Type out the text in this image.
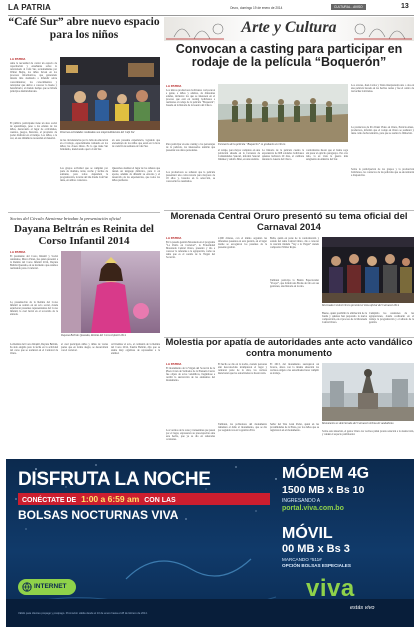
LA PATRIA	Oruro, domingo 19 de enero de 2014	CULTURAL - AVISO	13
“Café Sur” abre nuevo espacio para los niños
LA PATRIA
Ante la necesidad de contar un espacio de capacitación y enseñanza sobre lo relacionado al Café Sur, recientemente por Walter Mejía, los niños llevan en los procesos informativos, que generando interés más destinado a difundir sobre conocimientos; los conocimientos y relacionar que derive a conocer lo bueno y beneficiario; el mundo tiempo que se brinde principios multiculturales.
El público participante tiene un área social de aprendizaje, pese a las edades de los niños, destacando el lugar de actividades, cuentos, juegos, historias, el propósito de poder disfrutar en el tiempo. Los niños, a la vez, en sus dinámicas recuerdan el material.
Diversas actividades realizadas son emprendimientos del Café Sur
de las circunstancias por la falta de educación en el trabajo, especialmente tomando en los niños; las clases Oruro. Es lo que tiene Sur brindando, mencionado que la Café Sur.
Las grupos actividad que se cumplan por parte de mañana, tarde, noche y fechas de adelante, para todos dependerá la programación, la tarde del día dónde Café Sur tiene, en ambos contextos.
en este presente experiencia, logrando que encuentren de los niños que estan en la hora de cada fin de semana en Café Sur.
Queremos destinar el lugar de los talleres que tienen un lenguaje didáctico, para ir en aporte, además de difundir su entorno y el desarrollo de las experiencias, que todos los niños prefieran.
Arte y Cultura
Convocan a casting para participar en rodaje de la película “Boquerón”
LA PATRIA
Los únicos productores bolivianos convocaron a gente, a niños y adultos, de diferentes edades, inclusive los que se interesen en el proceso que está en casting bolivianos a realizarse el rodaje de la película “Boquerón”, basada en la historia de la Guerra del Chaco.
Para participar en este casting o los personajes de la película, los interesados tendrán que presentar sus datos personales.
Los productores se refieren que la película presentará una convocatoria para mayores de 18 años y, basados en la selección, se conocerán los resultados.
Escenario de la película “Boquerón” se grabarán en Oruro
el rodaje, para mayor completo en una población situada en la Carretera de Comunidades Saucari, informó Saucari Jiménez y Adolfo Mier, en una reunión.
La historia de la película cuenta la experiencia de 608 soldados bolivianos quienes lucharon 20 días, el combate durante la Guerra del Chaco.
conformados hacen que el frente soga sin pasar el ejército paraguayo. Por otro lado, la ex vista la guerra más sangrienta de América del Sur.
Los actores, Juan Carlos y Tania interpretarán uno o dos en una película basada en los hechos reales y fue el centro de las luchas bolivianas.
La productora de Pro Dann Video en Oruro, Patricia Alaaz, productora, informó que el rodaje en Oruro se realizará y tiene como fecha tentativa, para que se realice la filmación.
Sobre la participación de los grupos y la producción bolivianos, los contactos de las películas que se encontrarán a disposición.
Morenada Central Oruro presentó su tema oficial del Carnaval 2014
LA PATRIA
En la pasada gestión Morenada en el programa “La Patria en Carnaval”, la Fraternidad Morenada Central Oruro, presentó y dio a conocer lo referente a la agrupación, como su tema que es el sonido de la Virgen del Socavón.
2.000 dólares, con el ánimo organizó las diferentes pasantes en esta gestión, en el lugar donde se escogieron los pasantes de la presente gestión.
Bella, quién en parte de la conformación y sonido del tema Central Oruro, dio a conocer la canción titulada “Voy a la Virgen” siendo compositor Walter Rojas.
Tambien participa la Banda Espectacular “Poopó”, que brindó una Bodas de Oro en sus gestiones, una historia en la ruta.
Morenada Central Oruro presentó el tema oficial del Carnaval 2014
Bueno, quien posibilitó la afirmación de la banda y quiénes han preparado la nueva composición, en el proceso de la Morenada Central Oruro.
Cumplido las reuniones de las agrupaciones, donde realizarán en el trabajo la programación y el sábado de la gestión.
Socios del Círculo Ateniense brindan la presentación oficial
Dayana Beltrán es Reinita del Corso Infantil 2014
LA PATRIA
El presidente del Corso Infantil y Social Ateniense, Marco Pérez, fue quien presentó a la Reinita del Corso Infantil 2014, Dayana Beltrán Quezada, en su momento que estamos realizando para el carnaval.
La presentación de la Reinita del Corso Infantil se realizó en un acto social, donde estuvieron presentes representantes del Corso Infantil, la cual lucirá en el recorrido de la entrada.
La Reinita del Corso Infantil, Dayana Beltrán, ha sido elegida para la fecha en la actividad del corso que se realizará en el Carnaval de Oruro.
Dayana Beltrán Quezada, Reinita del Corso Infantil 2014
el cual participan niños y niñas de varias partes que en forma alegre, se desarrollará con el carnaval.
Al finalizar el acto, el comisión de la Reinita del Corso 2014, Sandra Beltrán, dijo que se siente muy orgullosa de representar a la entidad.
Molestia por apatía de autoridades ante acto vandálico contra monumento
LA PATRIA
El monumento de la Virgen del Socavón de la Plaza Joven de Soldados de la Plazuela Castro fue objeto de actos vandálicos, llegándose a recibir la sustracción de los elementos del monumento.
Los vecinos de la zona y transeúntes que pasan por el lugar, expresaron su preocupación ante este hecho, que ya se dio en reiteradas ocasiones.
El hecho se dio en la noche, cuando personas aún desconocidas irrumpieron el lugar y retiraron parte de la obra, los vecinos mencionan que las autoridades no hacen nada.
Tambien, los pobladores del monumento lamentan el daño al monumento, que se dio por segunda vez en la gestión 2014.
El 2013, del monumento sustrajeron un bronce, ahora con la misma situación los vecinos exigen a las autoridades hacer cumplir su trabajo.
Señor del Tata Gran Poder, quien en las proximidades de la Plaza, por los daños que se registraron en el monumento.
Monumento es deteriorado del Carnaval víctima de vandalismo
Sobre esta situación, el gestor Oruro los vecinos piden pronta solución a la destrucción, y cuiden el espacio patrimonial.
DISFRUTA LA NOCHE
CONÉCTATE DE 1:00 a 6:59 am CON LAS
BOLSAS NOCTURNAS VIVA
MÓDEM 4G
1500 MB x Bs 10
INGRESANDO A
portal.viva.com.bo
MÓVIL
00 MB x Bs 3
MARCANDO *511#
OPCIÓN BOLSAS ESPECIALES
INTERNET	viva
estás vivo
Válido para clientes prepago y postpago. Promoción válida desde el 10 de enero hasta el 28 de febrero de 2014.
